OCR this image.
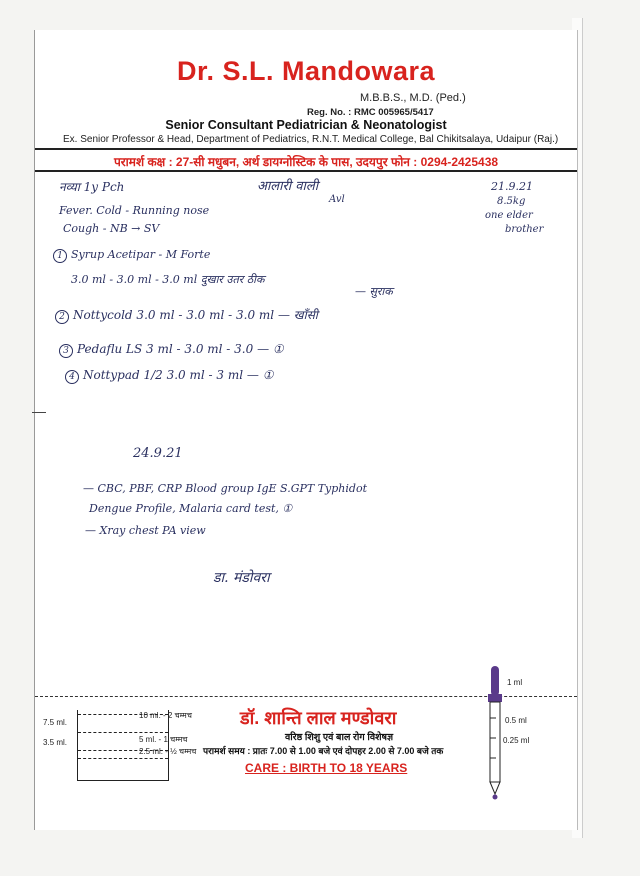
Dr. S.L. Mandowara
M.B.B.S., M.D. (Ped.)
Reg. No. : RMC 005965/5417
Senior Consultant Pediatrician & Neonatologist
Ex. Senior Professor & Head, Department of Pediatrics, R.N.T. Medical College, Bal Chikitsalaya, Udaipur (Raj.)
परामर्श कक्ष : 27-सी मधुबन, अर्थ डायग्नोस्टिक के पास, उदयपुर फोन : 0294-2425438
नव्या 1y Pch	आलारी वाली
Avl
21.9.21
8.5kg
one elder
brother
Fever. Cold - Running nose
Cough - NB → SV
1 Syrup Acetipar - M Forte
3.0 ml - 3.0 ml - 3.0 ml दुखार उतर ठीक
— सुराक
2 Nottycold 3.0 ml - 3.0 ml - 3.0 ml — खाँसी
3 Pedaflu LS 3 ml - 3.0 ml - 3.0 — ①
4 Nottypad 1/2 3.0 ml - 3 ml — ①
24.9.21
— CBC, PBF, CRP Blood group IgE S.GPT Typhidot
Dengue Profile, Malaria card test, ①
— Xray chest PA view
डा. मंडोवरा
10 ml. - 2 चम्मच
7.5 ml.
5 ml. - 1 चम्मच
3.5 ml.
2.5 ml. - ½ चम्मच
डॉ. शान्ति लाल मण्डोवरा
वरिष्ठ शिशु एवं बाल रोग विशेषज्ञ
परामर्श समय : प्रातः 7.00 से 1.00 बजे एवं दोपहर 2.00 से 7.00 बजे तक
CARE : BIRTH TO 18 YEARS
1 ml
0.5 ml
0.25 ml
